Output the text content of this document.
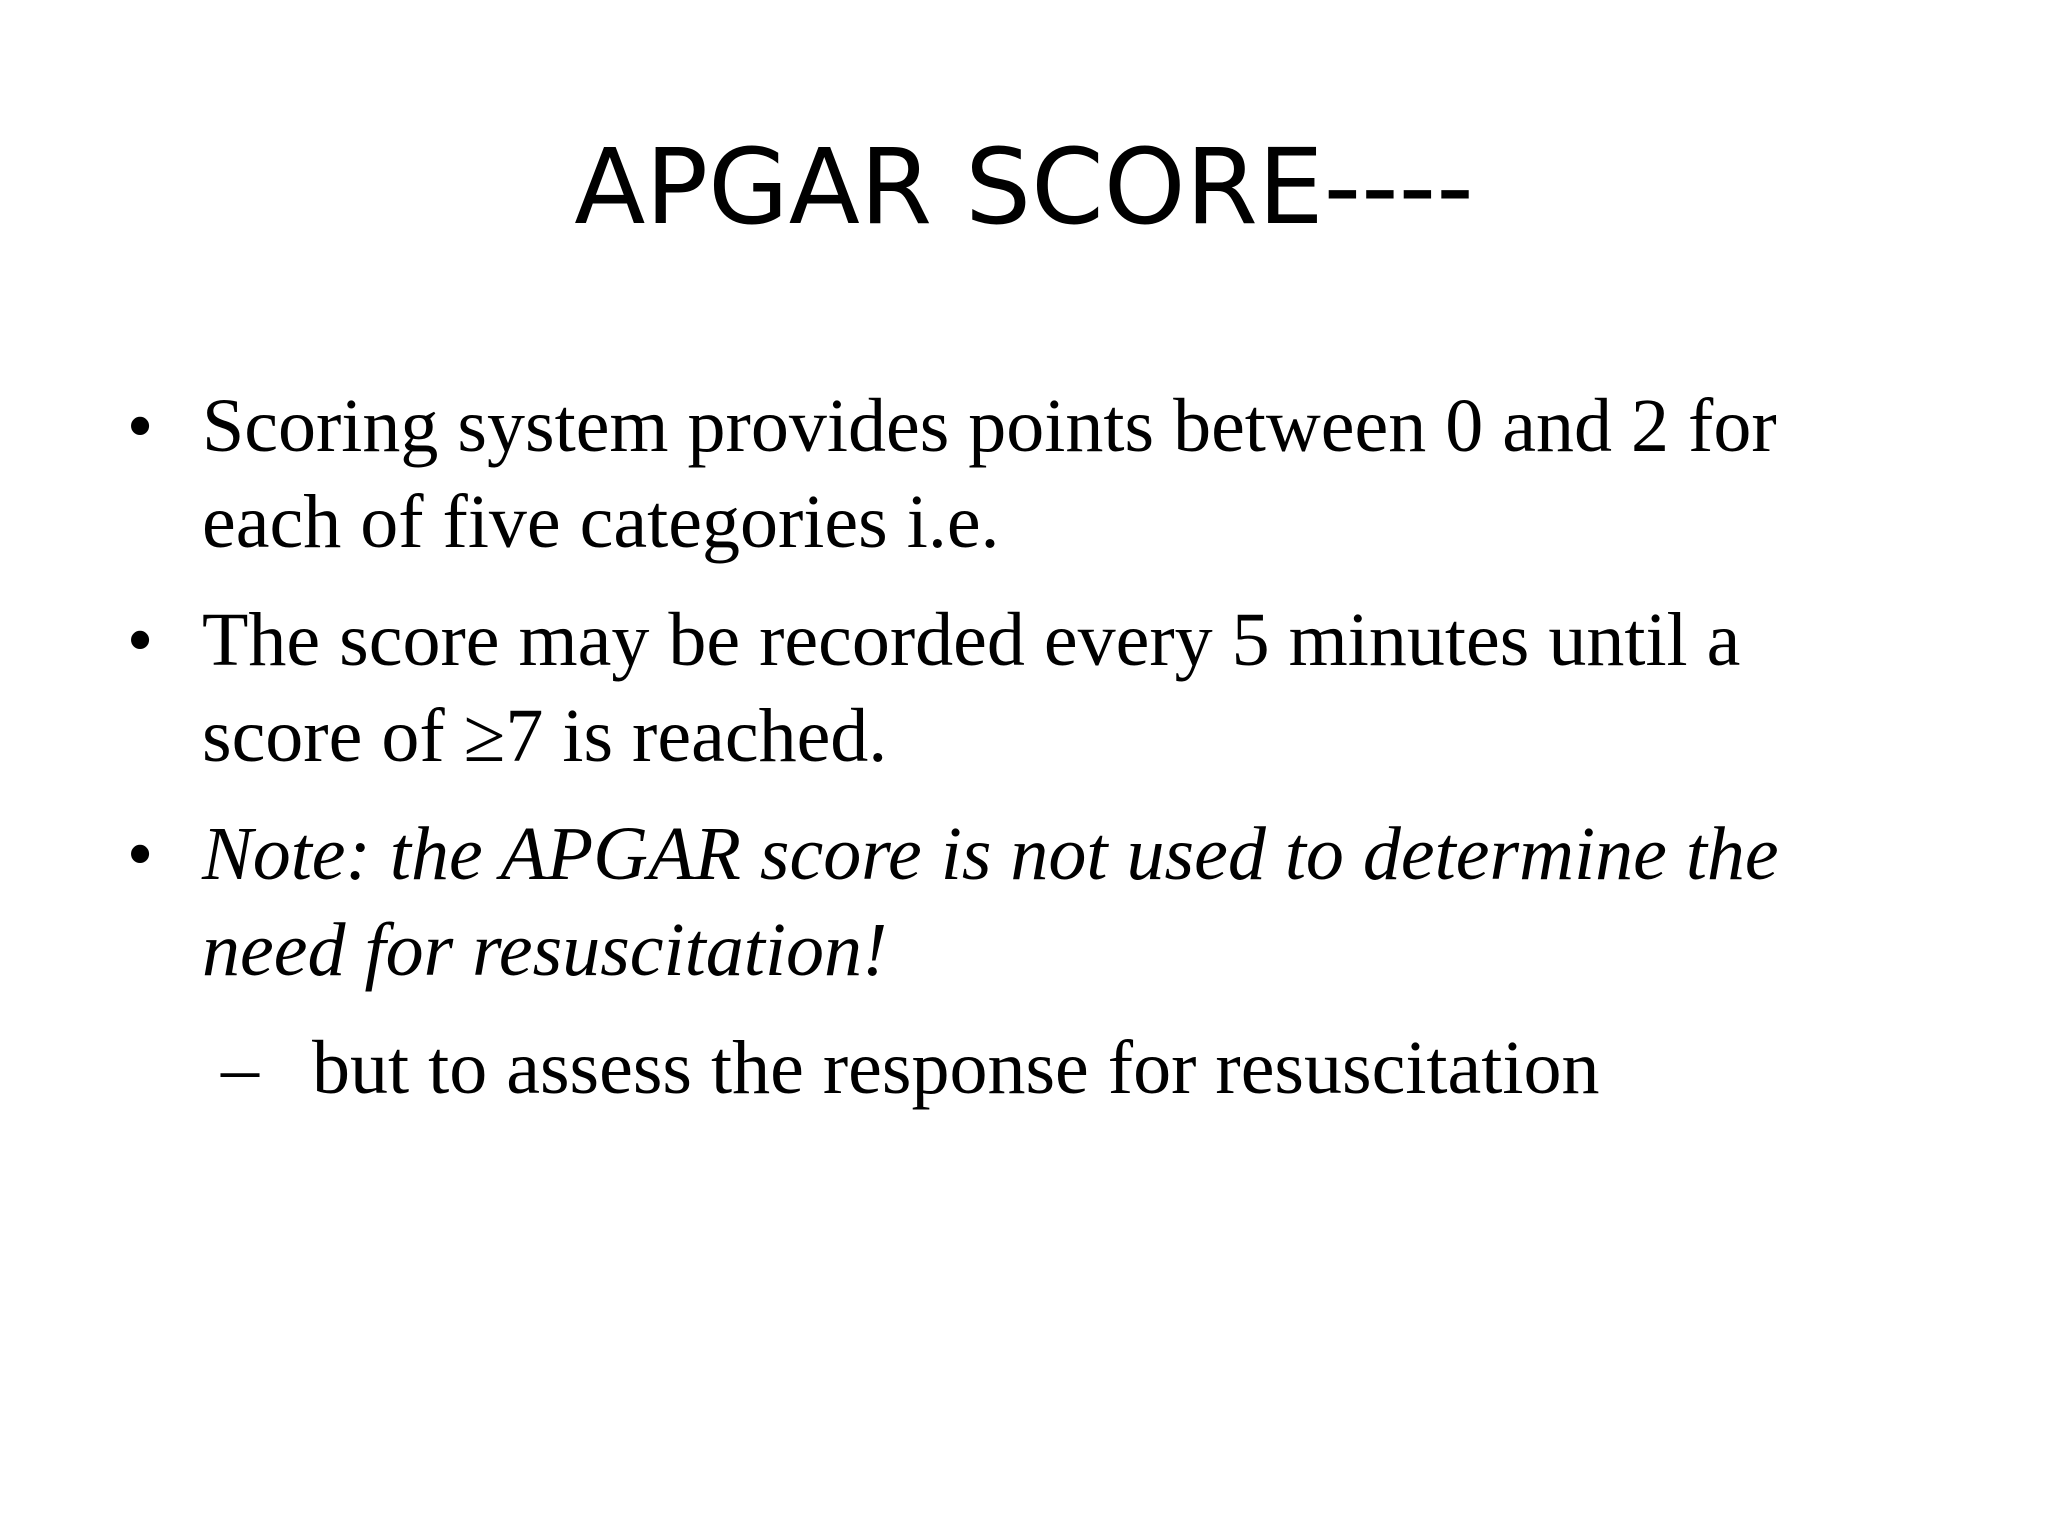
APGAR SCORE----
• Scoring system provides points between 0 and 2 for each of five categories i.e.
• The score may be recorded every 5 minutes until a score of ≥7 is reached.
• Note: the APGAR score is not used to determine the need for resuscitation!
– but to assess the response for resuscitation
